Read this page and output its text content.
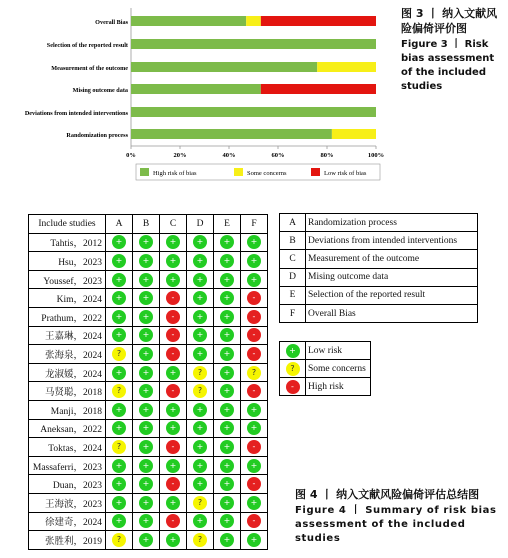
Overall Bias
Selection of the reported result
Measurement of the outcome
Mising outcome data
Deviations from intended interventions
Randomization process
0%	20%	40%	60%	80%	100%
High risk of bias	Some concerns	Low risk of bias
图 3 丨 纳入文献风险偏倚评价图
Figure 3 丨 Risk bias assessment of the included studies
Include studies	A	B	C	D	E	F
Tahtis，2012	+	+	+	+	+	+
Hsu，2023	+	+	+	+	+	+
Youssef，2023	+	+	+	+	+	+
Kim，2024	+	+	-	+	+	-
Prathum，2022	+	+	-	+	+	-
王嘉琳，2024	+	+	-	+	+	-
张海泉，2024	?	+	-	+	+	-
龙淑媛，2024	+	+	+	?	+	?
马贤聪，2018	?	+	-	?	+	-
Manji，2018	+	+	+	+	+	+
Aneksan，2022	+	+	+	+	+	+
Toktas，2024	?	+	-	+	+	-
Massaferri，2023	+	+	+	+	+	+
Duan，2023	+	+	-	+	+	-
王海波，2023	+	+	+	?	+	+
徐建奇，2024	+	+	-	+	+	-
张胜利，2019	?	+	+	?	+	+
A	Randomization process
B	Deviations from intended interventions
C	Measurement of the outcome
D	Mising outcome data
E	Selection of the reported result
F	Overall Bias
+	Low risk
?	Some concerns
-	High risk
图 4 丨 纳入文献风险偏倚评估总结图
Figure 4 丨 Summary of risk bias assessment of the included studies
